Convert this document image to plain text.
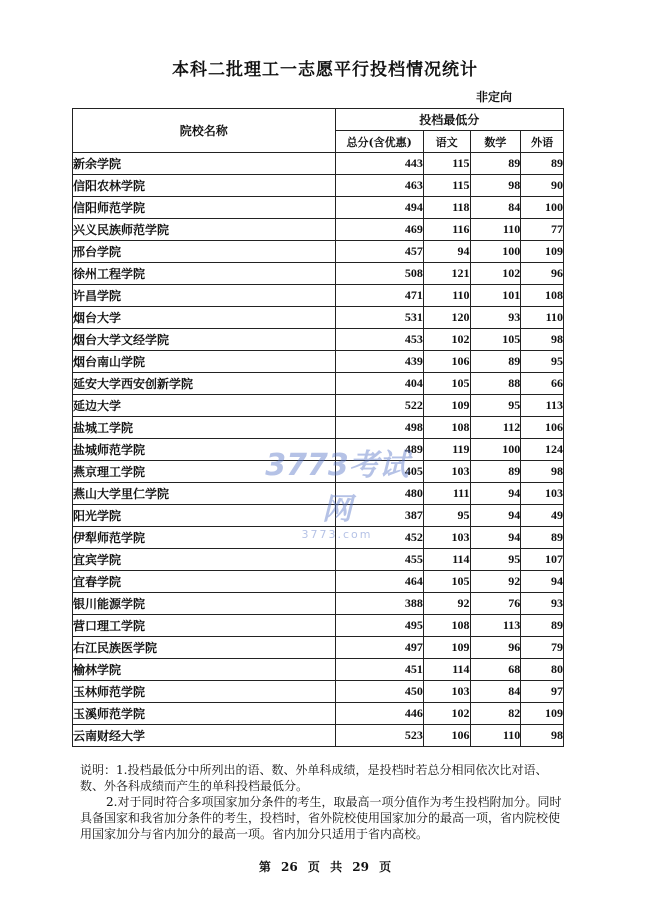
本科二批理工一志愿平行投档情况统计
非定向
院校名称	投档最低分			
	总分(含优惠)	语文	数学	外语
新余学院	443	115	89	89
信阳农林学院	463	115	98	90
信阳师范学院	494	118	84	100
兴义民族师范学院	469	116	110	77
邢台学院	457	94	100	109
徐州工程学院	508	121	102	96
许昌学院	471	110	101	108
烟台大学	531	120	93	110
烟台大学文经学院	453	102	105	98
烟台南山学院	439	106	89	95
延安大学西安创新学院	404	105	88	66
延边大学	522	109	95	113
盐城工学院	498	108	112	106
盐城师范学院	489	119	100	124
燕京理工学院	405	103	89	98
燕山大学里仁学院	480	111	94	103
阳光学院	387	95	94	49
伊犁师范学院	452	103	94	89
宜宾学院	455	114	95	107
宜春学院	464	105	92	94
银川能源学院	388	92	76	93
营口理工学院	495	108	113	89
右江民族医学院	497	109	96	79
榆林学院	451	114	68	80
玉林师范学院	450	103	84	97
玉溪师范学院	446	102	82	109
云南财经大学	523	106	110	98

说明：1.投档最低分中所列出的语、数、外单科成绩，是投档时若总分相同依次比对语、数、外各科成绩而产生的单科投档最低分。

2.对于同时符合多项国家加分条件的考生，取最高一项分值作为考生投档附加分。同时具备国家和我省加分条件的考生，投档时，省外院校使用国家加分的最高一项，省内院校使用国家加分与省内加分的最高一项。省内加分只适用于省内高校。

第 26 页 共 29 页
3773考试网
3773.com
